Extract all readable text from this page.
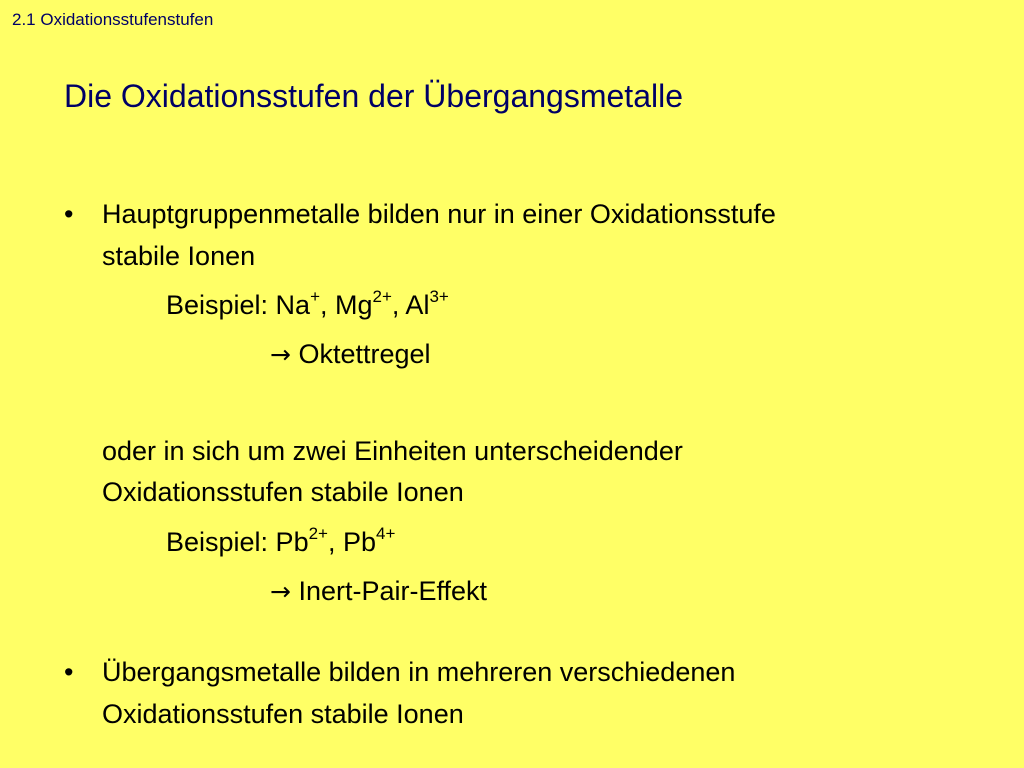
2.1 Oxidationsstufenstufen
Die Oxidationsstufen der Übergangsmetalle
• Hauptgruppenmetalle bilden nur in einer Oxidationsstufe
stabile Ionen
Beispiel: Na+, $Mg^{2+}$, $Al^{3+}$
→ Oktettregel
oder in sich um zwei Einheiten unterscheidender
Oxidationsstufen stabile Ionen
Beispiel: $Pb^{2+}$, $Pb^{4+}$
→ Inert-Pair-Effekt
• Übergangsmetalle bilden in mehreren verschiedenen
Oxidationsstufen stabile Ionen
